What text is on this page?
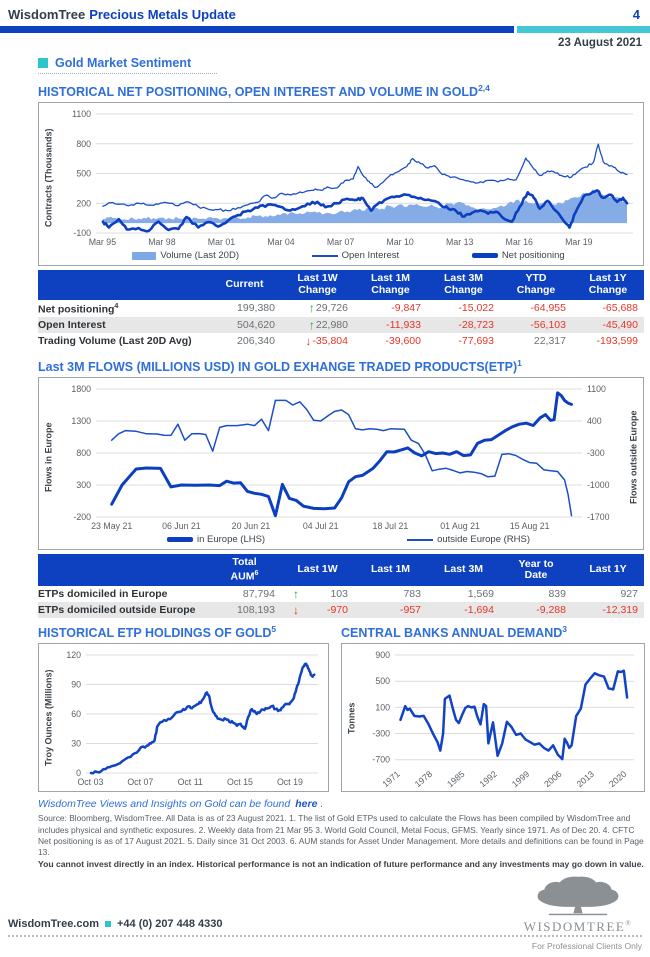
WisdomTree Precious Metals Update	4
23 August 2021
Gold Market Sentiment
HISTORICAL NET POSITIONING, OPEN INTEREST AND VOLUME IN GOLD$^{2,4}$
Contracts (Thousands)
1100
800
500
200
-100
Mar 95	Mar 98	Mar 01	Mar 04	Mar 07	Mar 10	Mar 13	Mar 16	Mar 19
Volume (Last 20D)	Open Interest	Net positioning

	Current	Last 1W
Change	Last 1M
Change	Last 3M
Change	YTD
Change	Last 1Y
Change

Net positioning$^4$	199,380	↑ 29,726	-9,847	-15,022	-64,955	-65,688

Open Interest	504,620	↑ 22,980	-11,933	-28,723	-56,103	-45,490

Trading Volume (Last 20D Avg)	206,340	↓ -35,804	-39,600	-77,693	22,317	-193,599
Last 3M FLOWS (MILLIONS USD) IN GOLD EXHANGE TRADED PRODUCTS(ETP)$^1$
Flows in Europe
1800
1300
800
300
-200
1100
400
-300
-1000
-1700
23 May 21	06 Jun 21	20 Jun 21	04 Jul 21	18 Jul 21	01 Aug 21	15 Aug 21
Flows outside Europe
in Europe (LHS)	outside Europe (RHS)

	Total
AUM$^6$	Last 1W	Last 1M	Last 3M	Year to
Date	Last 1Y

ETPs domiciled in Europe	87,794	↑ 103	783	1,569	839	927

ETPs domiciled outside Europe	108,193	↓ -970	-957	-1,694	-9,288	-12,319
HISTORICAL ETP HOLDINGS OF GOLD$^5$
Troy Ounces (Millions)
120
90
60
30
0
Oct 03	Oct 07	Oct 11	Oct 15	Oct 19
CENTRAL BANKS ANNUAL DEMAND$^3$
Tonnes
900
500
100
-300
-700
1971 1978 1985 1992 1999 2006 2013 2020
WisdomTree Views and Insights on Gold can be found here .

Source: Bloomberg, WisdomTree. All Data is as of 23 August 2021. 1. The list of Gold ETPs used to calculate the Flows has been compiled by WisdomTree and includes physical and synthetic exposures. 2. Weekly data from 21 Mar 95 3. World Gold Council, Metal Focus, GFMS. Yearly since 1971. As of Dec 20. 4. CFTC Net positioning is as of 17 August 2021. 5. Daily since 31 Oct 2003. 6. AUM stands for Asset Under Management. More details and definitions can be found in Page 13.

You cannot invest directly in an index. Historical performance is not an indication of future performance and any investments may go down in value.

WisdomTree.com +44 (0) 207 448 4330
For Professional Clients Only
WISDOMTREE®
